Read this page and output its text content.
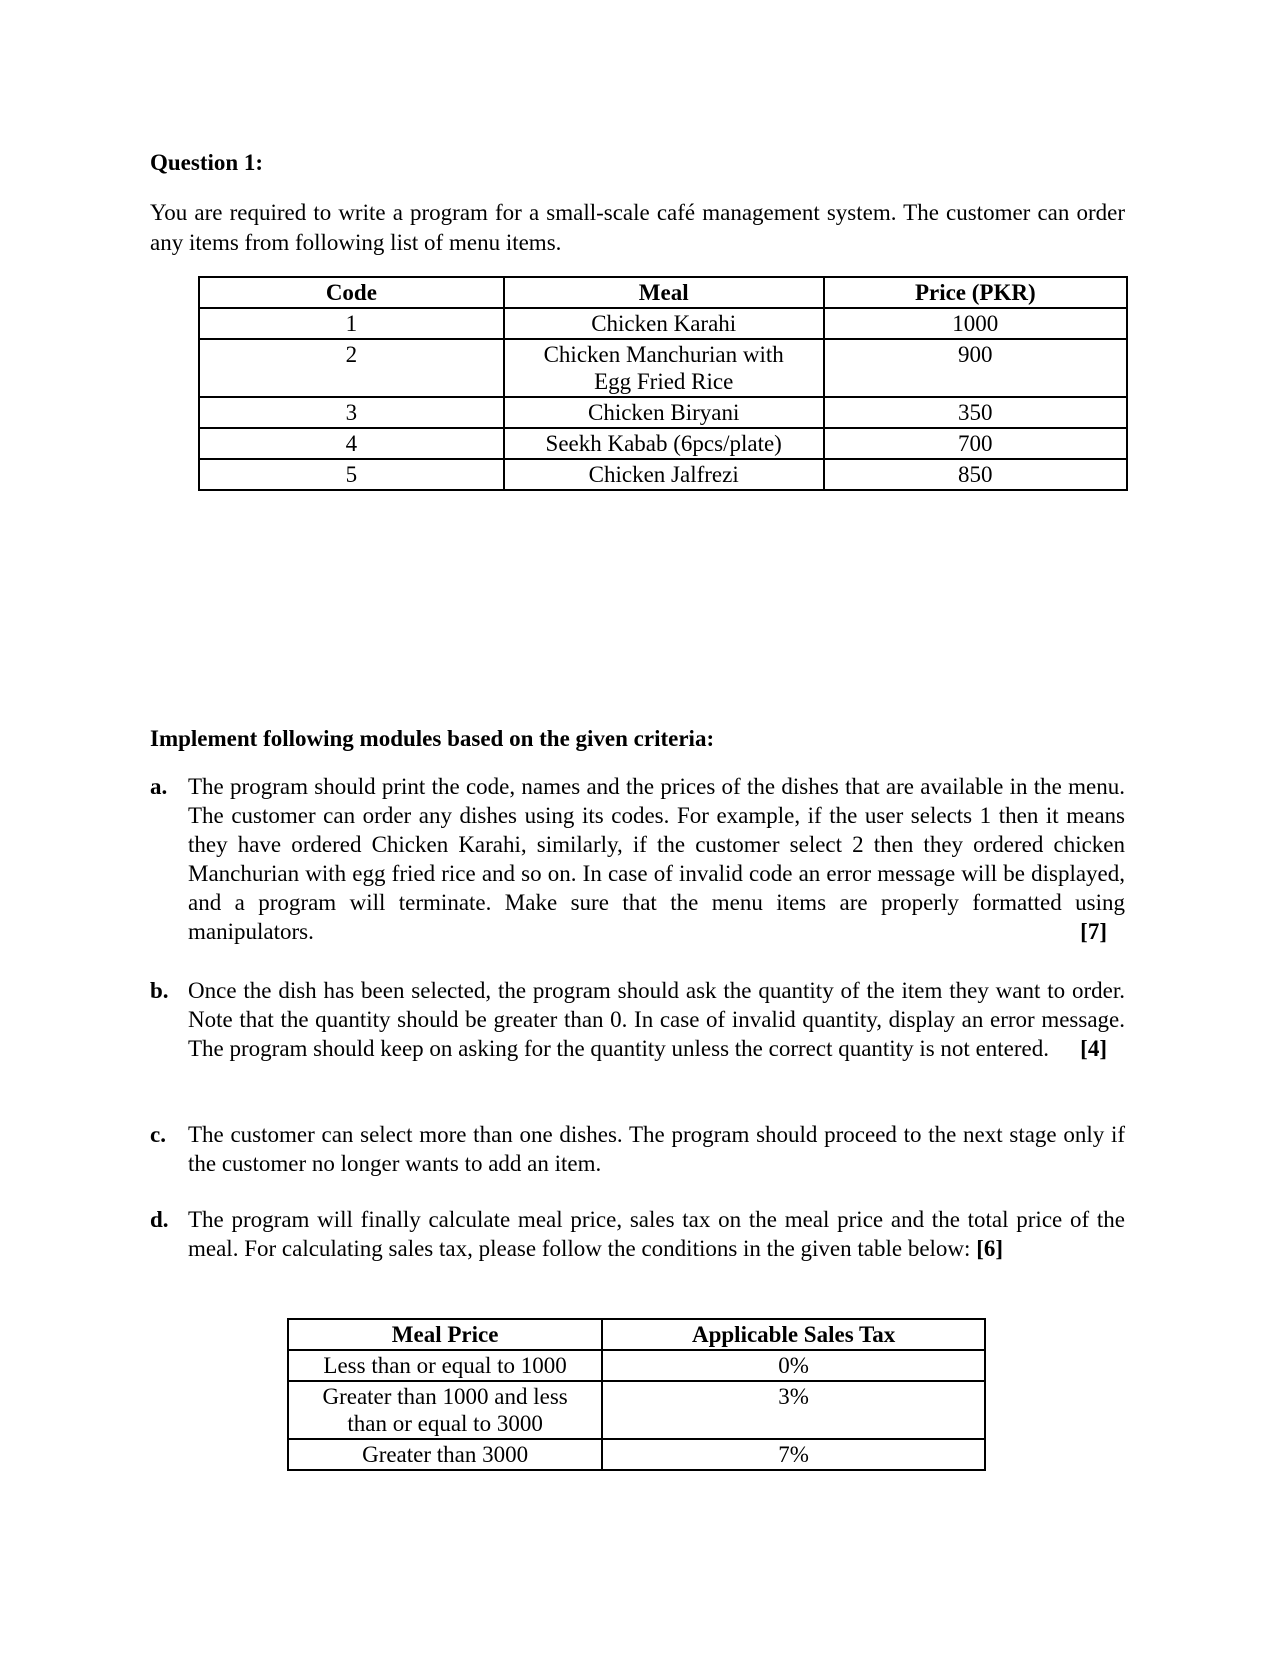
Question 1:

You are required to write a program for a small-scale café management system. The customer can order any items from following list of menu items.

Code	Meal	Price (PKR)
1	Chicken Karahi	1000
2	Chicken Manchurian with Egg Fried Rice	900
3	Chicken Biryani	350
4	Seekh Kabab (6pcs/plate)	700
5	Chicken Jalfrezi	850

Implement following modules based on the given criteria:

a. The program should print the code, names and the prices of the dishes that are available in the menu. The customer can order any dishes using its codes. For example, if the user selects 1 then it means they have ordered Chicken Karahi, similarly, if the customer select 2 then they ordered chicken Manchurian with egg fried rice and so on. In case of invalid code an error message will be displayed, and a program will terminate. Make sure that the menu items are properly formatted using manipulators.	[7]
b. Once the dish has been selected, the program should ask the quantity of the item they want to order. Note that the quantity should be greater than 0. In case of invalid quantity, display an error message. The program should keep on asking for the quantity unless the correct quantity is not entered. [4]
c. The customer can select more than one dishes. The program should proceed to the next stage only if the customer no longer wants to add an item.
d. The program will finally calculate meal price, sales tax on the meal price and the total price of the meal. For calculating sales tax, please follow the conditions in the given table below: [6]
Meal Price	Applicable Sales Tax
Less than or equal to 1000	0%
Greater than 1000 and less than or equal to 3000	3%
Greater than 3000	7%
